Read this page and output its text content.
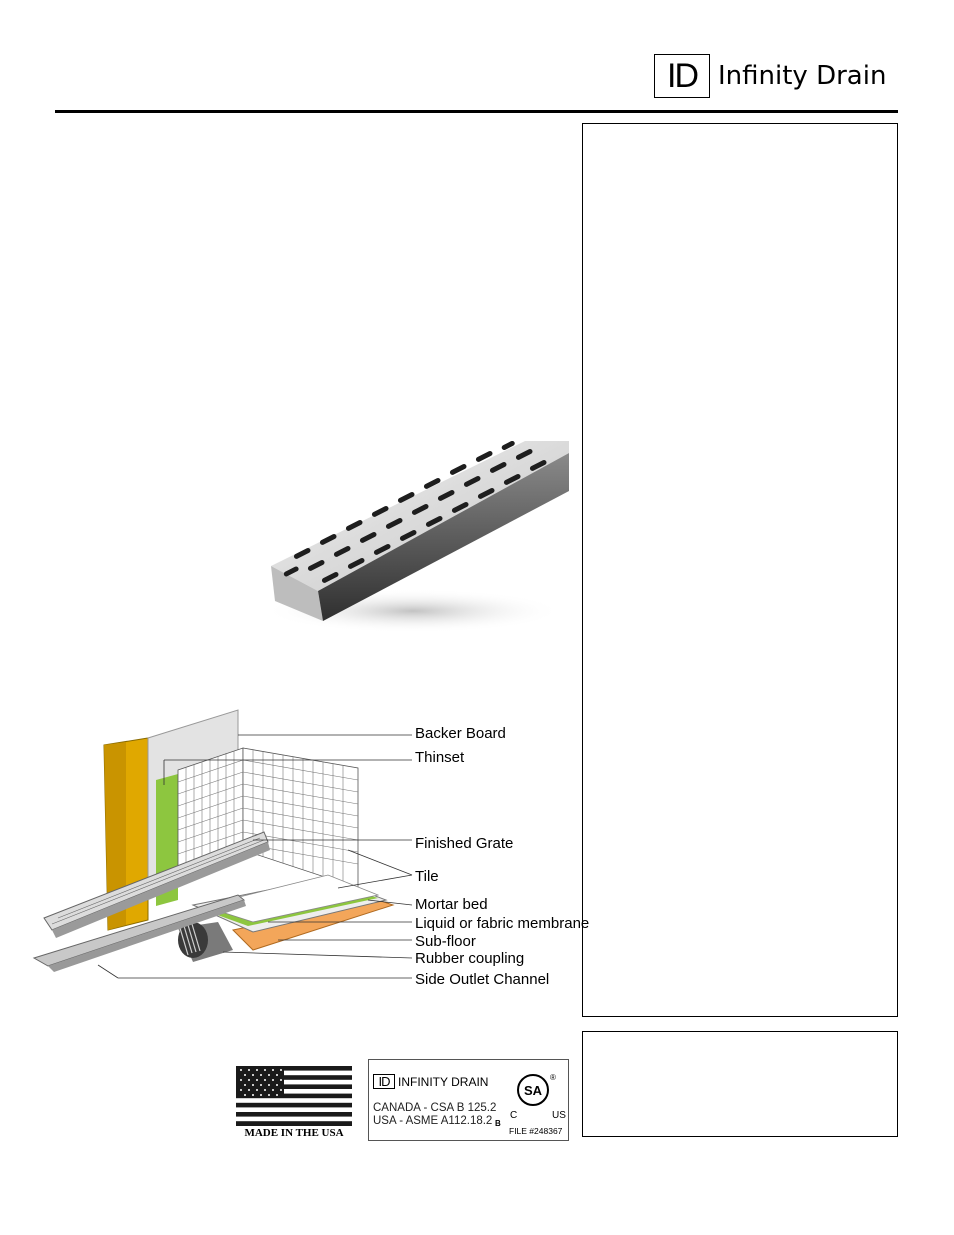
ID Infinity Drain
Backer Board
Thinset
Finished Grate
Tile
Mortar bed
Liquid or fabric membrane
Sub-floor
Rubber coupling
Side Outlet Channel
MADE IN THE USA
ID INFINITY DRAIN
CANADA - CSA B 125.2
USA - ASME A112.18.2
SA
®
C	US
B
FILE #248367
